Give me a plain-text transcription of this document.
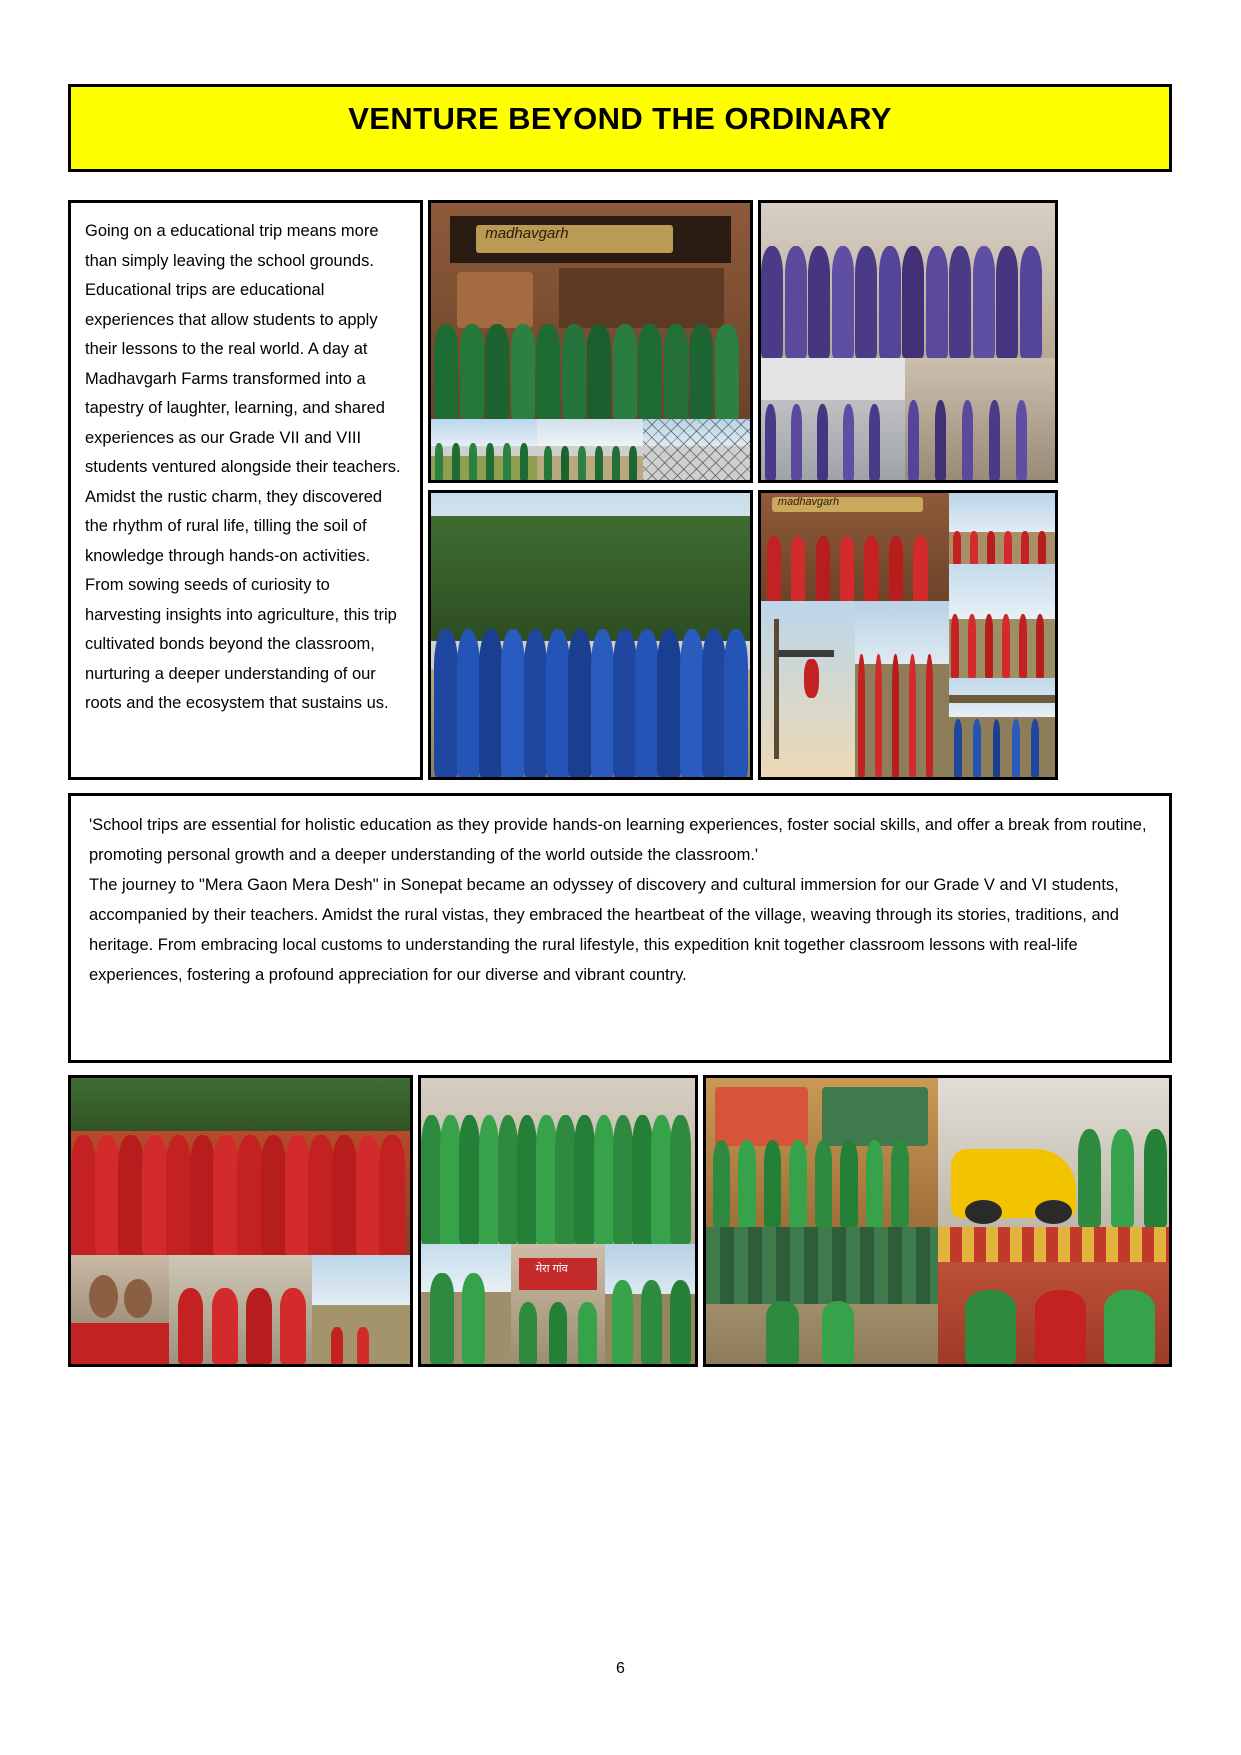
VENTURE BEYOND THE ORDINARY

Going on a educational trip means more than simply leaving the school grounds. Educational trips are educational experiences that allow students to apply their lessons to the real world. A day at Madhavgarh Farms transformed into a tapestry of laughter, learning, and shared experiences as our Grade VII and VIII students ventured alongside their teachers. Amidst the rustic charm, they discovered the rhythm of rural life, tilling the soil of knowledge through hands-on activities. From sowing seeds of curiosity to harvesting insights into agriculture, this trip cultivated bonds beyond the classroom, nurturing a deeper understanding of our roots and the ecosystem that sustains us.

madhavgarh
madhavgarh

'School trips are essential for holistic education as they provide hands-on learning experiences, foster social skills, and offer a break from routine, promoting personal growth and a deeper understanding of the world outside the classroom.'

The journey to "Mera Gaon Mera Desh" in Sonepat became an odyssey of discovery and cultural immersion for our Grade V and VI students, accompanied by their teachers. Amidst the rural vistas, they embraced the heartbeat of the village, weaving through its stories, traditions, and heritage. From embracing local customs to understanding the rural lifestyle, this expedition knit together classroom lessons with real-life experiences, fostering a profound appreciation for our diverse and vibrant country.

मेरा गांव
6
